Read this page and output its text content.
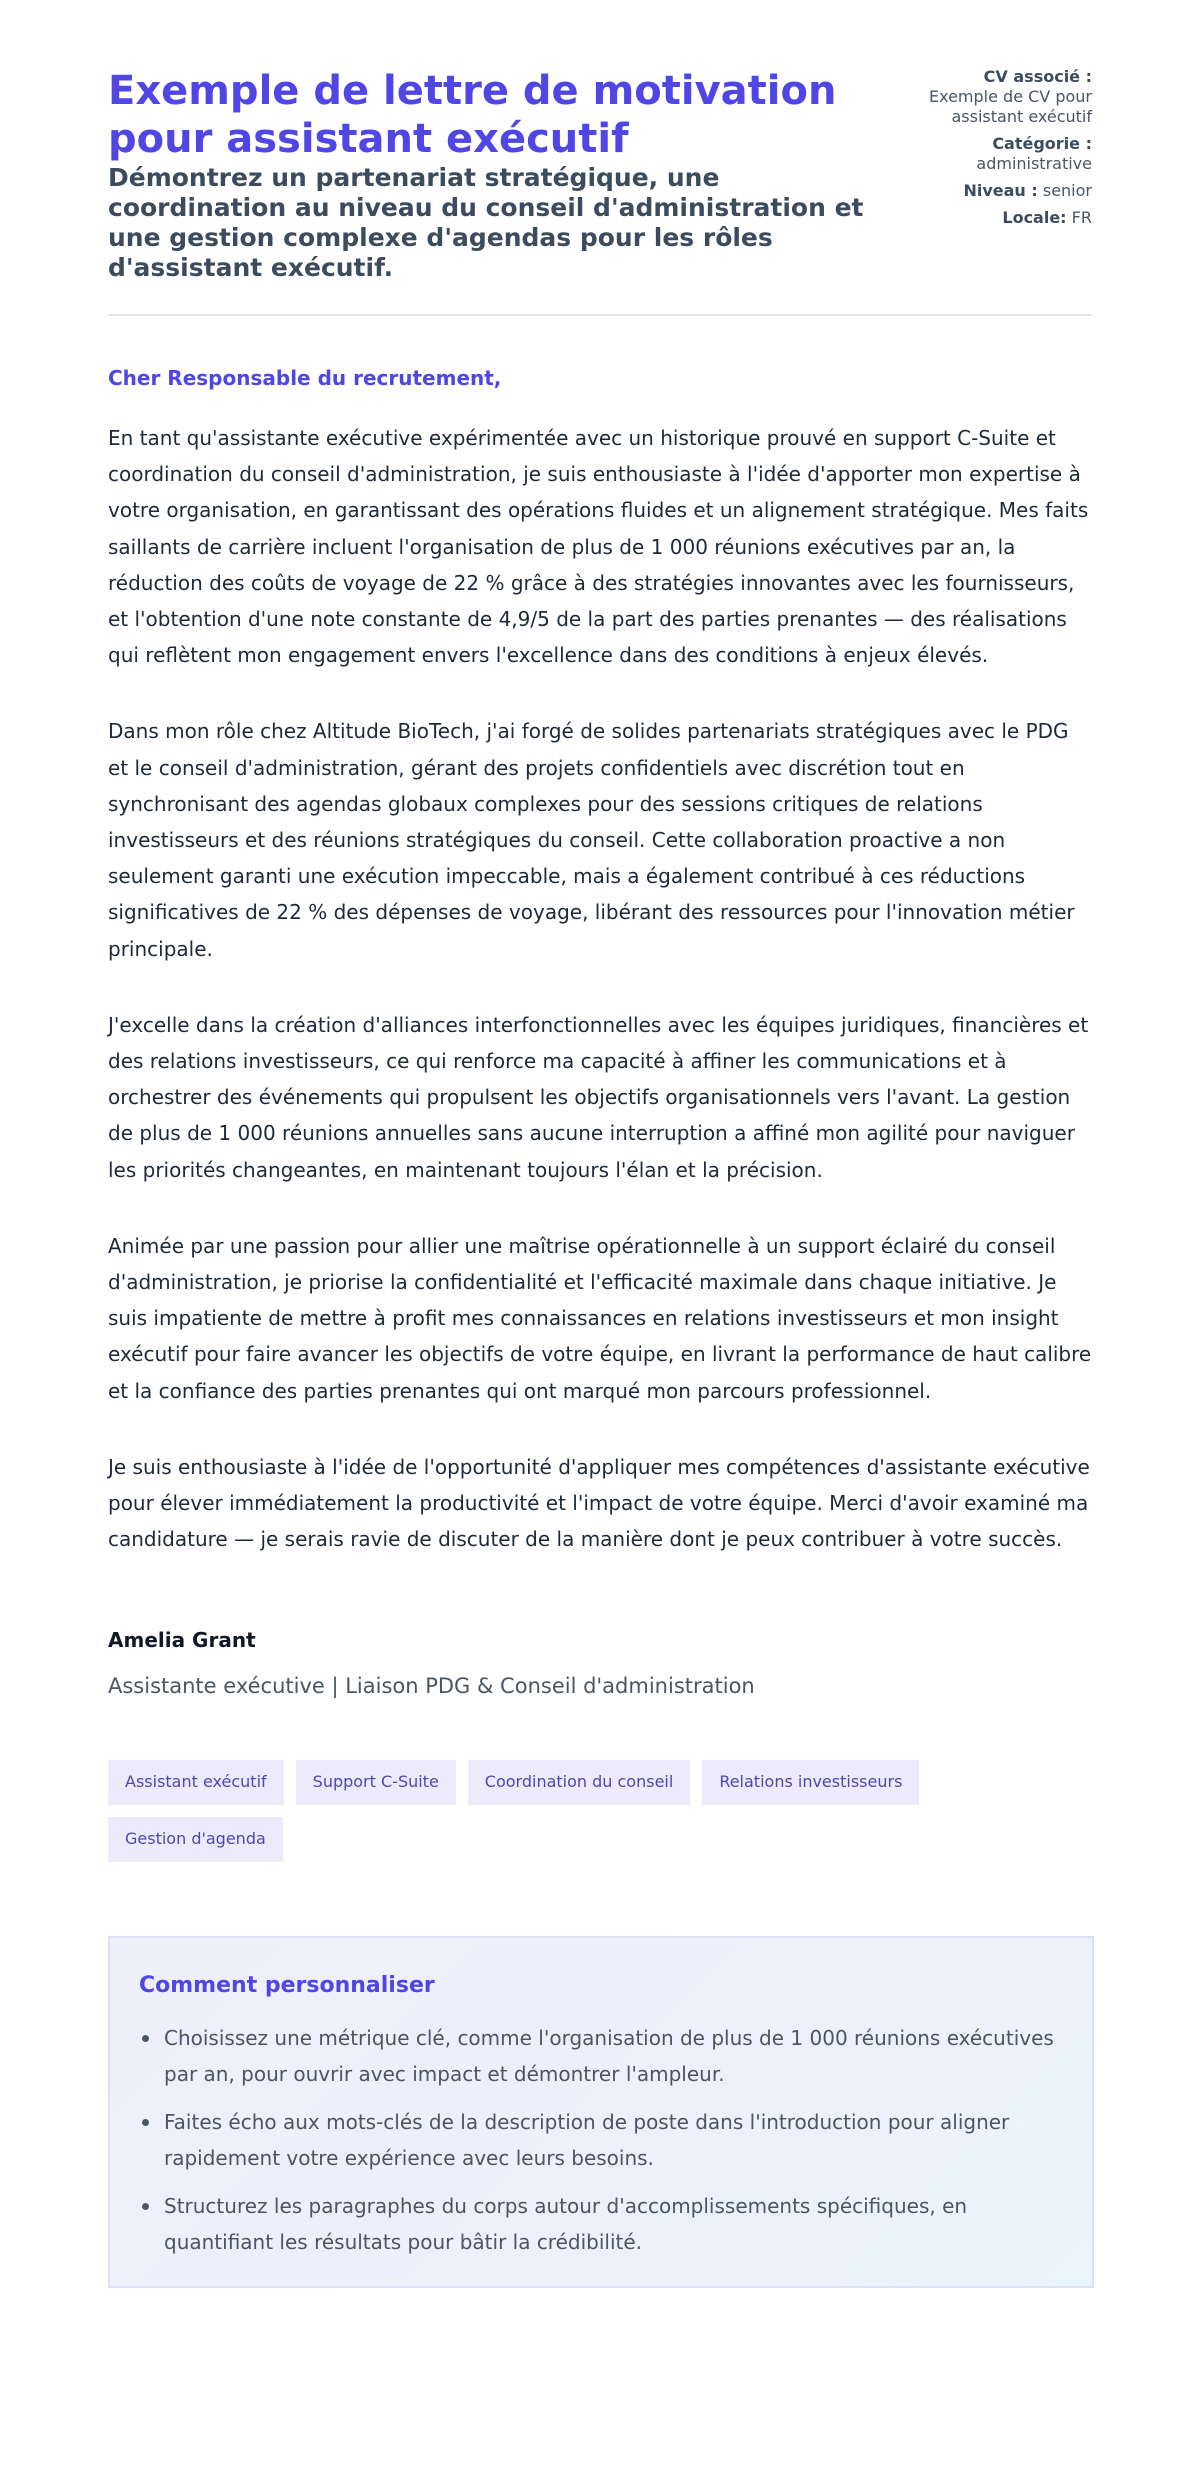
Exemple de lettre de motivation pour assistant exécutif

Démontrez un partenariat stratégique, une coordination au niveau du conseil d'administration et une gestion complexe d'agendas pour les rôles d'assistant exécutif.

CV associé :
Exemple de CV pour assistant exécutif
Catégorie :
administrative
Niveau : senior
Locale: FR

Cher Responsable du recrutement,

En tant qu'assistante exécutive expérimentée avec un historique prouvé en support C-Suite et coordination du conseil d'administration, je suis enthousiaste à l'idée d'apporter mon expertise à votre organisation, en garantissant des opérations fluides et un alignement stratégique. Mes faits saillants de carrière incluent l'organisation de plus de 1 000 réunions exécutives par an, la réduction des coûts de voyage de 22 % grâce à des stratégies innovantes avec les fournisseurs, et l'obtention d'une note constante de 4,9/5 de la part des parties prenantes — des réalisations qui reflètent mon engagement envers l'excellence dans des conditions à enjeux élevés.

Dans mon rôle chez Altitude BioTech, j'ai forgé de solides partenariats stratégiques avec le PDG et le conseil d'administration, gérant des projets confidentiels avec discrétion tout en synchronisant des agendas globaux complexes pour des sessions critiques de relations investisseurs et des réunions stratégiques du conseil. Cette collaboration proactive a non seulement garanti une exécution impeccable, mais a également contribué à ces réductions significatives de 22 % des dépenses de voyage, libérant des ressources pour l'innovation métier principale.

J'excelle dans la création d'alliances interfonctionnelles avec les équipes juridiques, financières et des relations investisseurs, ce qui renforce ma capacité à affiner les communications et à orchestrer des événements qui propulsent les objectifs organisationnels vers l'avant. La gestion de plus de 1 000 réunions annuelles sans aucune interruption a affiné mon agilité pour naviguer les priorités changeantes, en maintenant toujours l'élan et la précision.

Animée par une passion pour allier une maîtrise opérationnelle à un support éclairé du conseil d'administration, je priorise la confidentialité et l'efficacité maximale dans chaque initiative. Je suis impatiente de mettre à profit mes connaissances en relations investisseurs et mon insight exécutif pour faire avancer les objectifs de votre équipe, en livrant la performance de haut calibre et la confiance des parties prenantes qui ont marqué mon parcours professionnel.

Je suis enthousiaste à l'idée de l'opportunité d'appliquer mes compétences d'assistante exécutive pour élever immédiatement la productivité et l'impact de votre équipe. Merci d'avoir examiné ma candidature — je serais ravie de discuter de la manière dont je peux contribuer à votre succès.

Amelia Grant
Assistante exécutive | Liaison PDG & Conseil d'administration
Assistant exécutif	Support C-Suite	Coordination du conseil	Relations investisseurs
Gestion d'agenda
Comment personnaliser
Choisissez une métrique clé, comme l'organisation de plus de 1 000 réunions exécutives par an, pour ouvrir avec impact et démontrer l'ampleur.
Faites écho aux mots-clés de la description de poste dans l'introduction pour aligner rapidement votre expérience avec leurs besoins.
Structurez les paragraphes du corps autour d'accomplissements spécifiques, en quantifiant les résultats pour bâtir la crédibilité.
